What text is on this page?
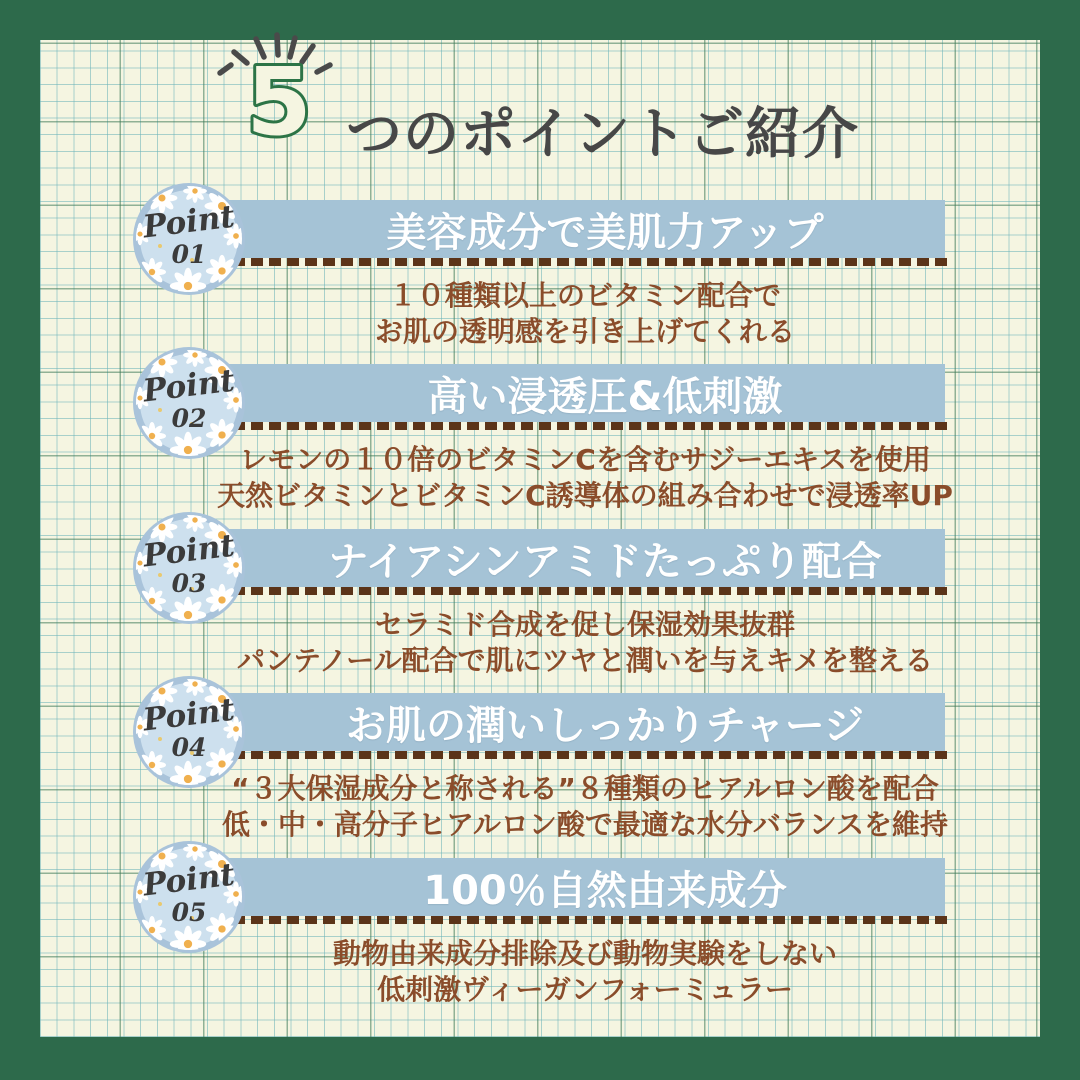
5 つのポイントご紹介
Point
01	美容成分で美肌力アップ
１０種類以上のビタミン配合で
お肌の透明感を引き上げてくれる
Point
02	高い浸透圧&低刺激
レモンの１０倍のビタミンCを含むサジーエキスを使用
天然ビタミンとビタミンC誘導体の組み合わせで浸透率UP
Point
03	ナイアシンアミドたっぷり配合
セラミド合成を促し保湿効果抜群
パンテノール配合で肌にツヤと潤いを与えキメを整える
Point
04	お肌の潤いしっかりチャージ
“３大保湿成分と称される”８種類のヒアルロン酸を配合
低・中・高分子ヒアルロン酸で最適な水分バランスを維持
Point
05	100％自然由来成分
動物由来成分排除及び動物実験をしない
低刺激ヴィーガンフォーミュラー
